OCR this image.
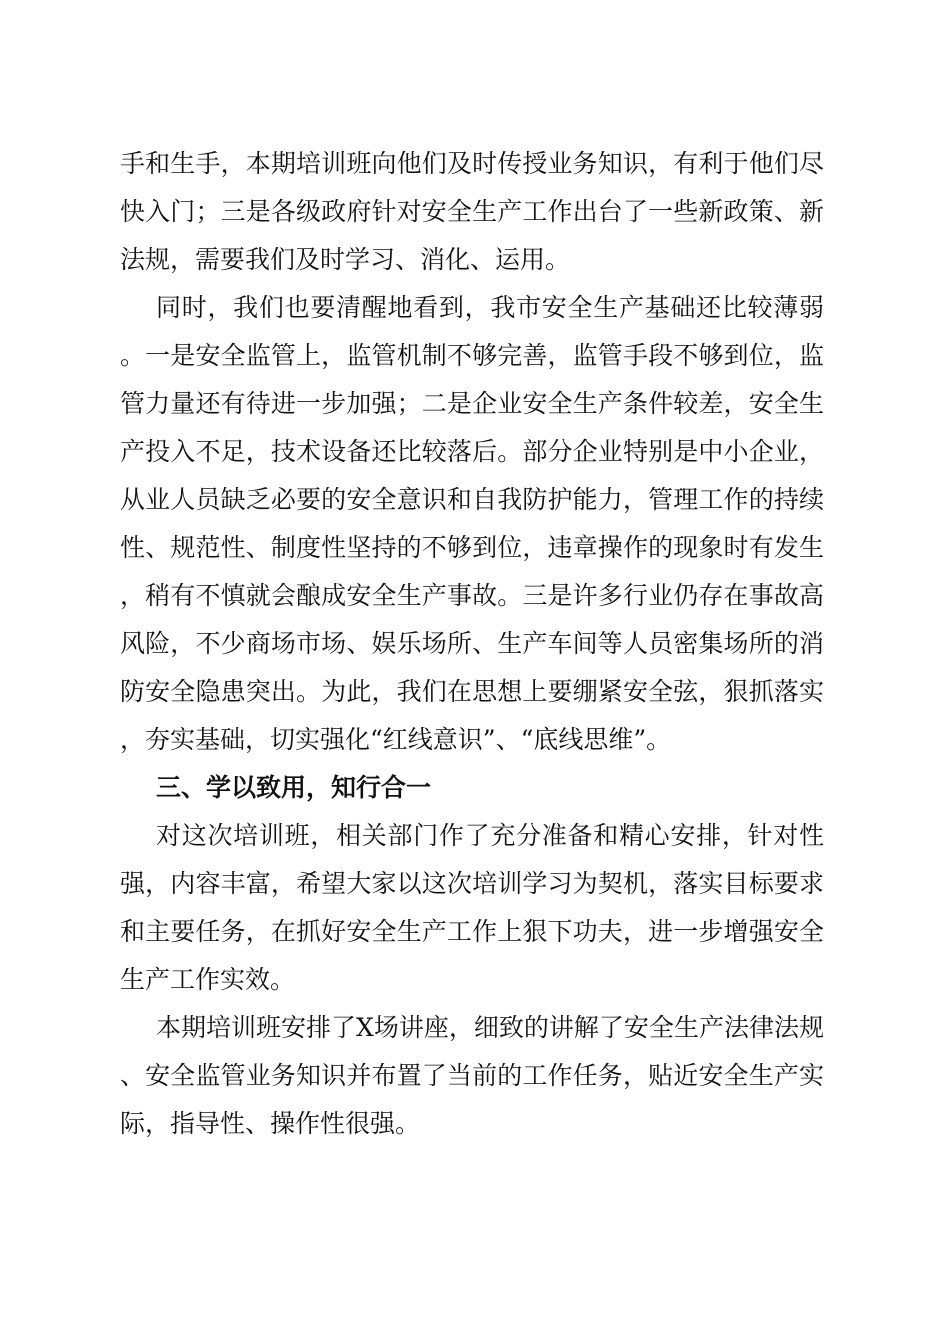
手和生手，本期培训班向他们及时传授业务知识，有利于他们尽快入门；三是各级政府针对安全生产工作出台了一些新政策、新法规，需要我们及时学习、消化、运用。

同时，我们也要清醒地看到，我市安全生产基础还比较薄弱。一是安全监管上，监管机制不够完善，监管手段不够到位，监管力量还有待进一步加强；二是企业安全生产条件较差，安全生产投入不足，技术设备还比较落后。部分企业特别是中小企业，从业人员缺乏必要的安全意识和自我防护能力，管理工作的持续性、规范性、制度性坚持的不够到位，违章操作的现象时有发生，稍有不慎就会酿成安全生产事故。三是许多行业仍存在事故高风险，不少商场市场、娱乐场所、生产车间等人员密集场所的消防安全隐患突出。为此，我们在思想上要绷紧安全弦，狠抓落实，夯实基础，切实强化“红线意识”、“底线思维”。

三、学以致用，知行合一

对这次培训班，相关部门作了充分准备和精心安排，针对性强，内容丰富，希望大家以这次培训学习为契机，落实目标要求和主要任务，在抓好安全生产工作上狠下功夫，进一步增强安全生产工作实效。

本期培训班安排了X场讲座，细致的讲解了安全生产法律法规、安全监管业务知识并布置了当前的工作任务，贴近安全生产实际，指导性、操作性很强。
